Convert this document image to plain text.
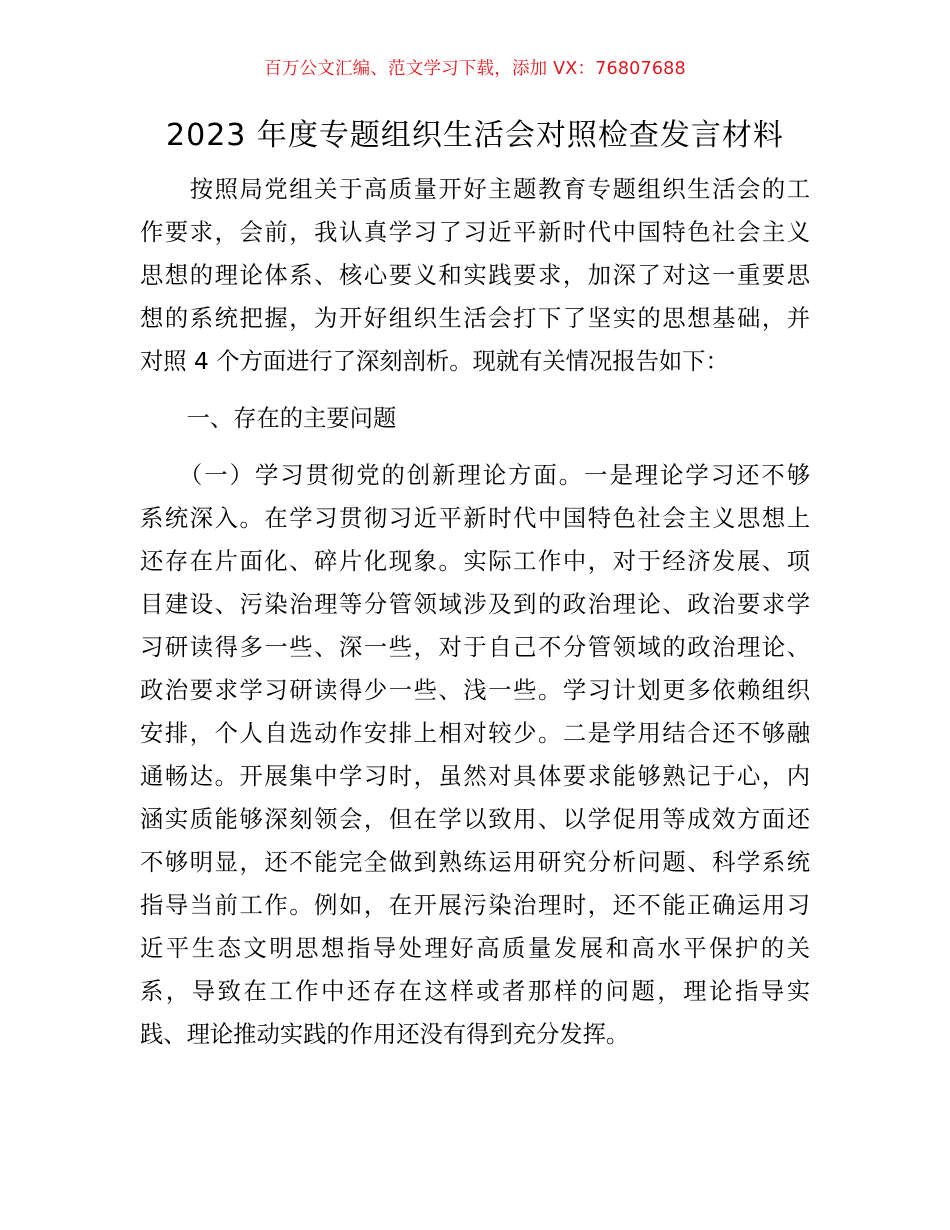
百万公文汇编、范文学习下载，添加 VX：76807688
2023 年度专题组织生活会对照检查发言材料
　　按照局党组关于高质量开好主题教育专题组织生活会的工
作要求，会前，我认真学习了习近平新时代中国特色社会主义
思想的理论体系、核心要义和实践要求，加深了对这一重要思
想的系统把握，为开好组织生活会打下了坚实的思想基础，并
对照 4 个方面进行了深刻剖析。现就有关情况报告如下：
　　一、存在的主要问题
　　（一）学习贯彻党的创新理论方面。一是理论学习还不够
系统深入。在学习贯彻习近平新时代中国特色社会主义思想上
还存在片面化、碎片化现象。实际工作中，对于经济发展、项
目建设、污染治理等分管领域涉及到的政治理论、政治要求学
习研读得多一些、深一些，对于自己不分管领域的政治理论、
政治要求学习研读得少一些、浅一些。学习计划更多依赖组织
安排，个人自选动作安排上相对较少。二是学用结合还不够融
通畅达。开展集中学习时，虽然对具体要求能够熟记于心，内
涵实质能够深刻领会，但在学以致用、以学促用等成效方面还
不够明显，还不能完全做到熟练运用研究分析问题、科学系统
指导当前工作。例如，在开展污染治理时，还不能正确运用习
近平生态文明思想指导处理好高质量发展和高水平保护的关
系，导致在工作中还存在这样或者那样的问题，理论指导实
践、理论推动实践的作用还没有得到充分发挥。
